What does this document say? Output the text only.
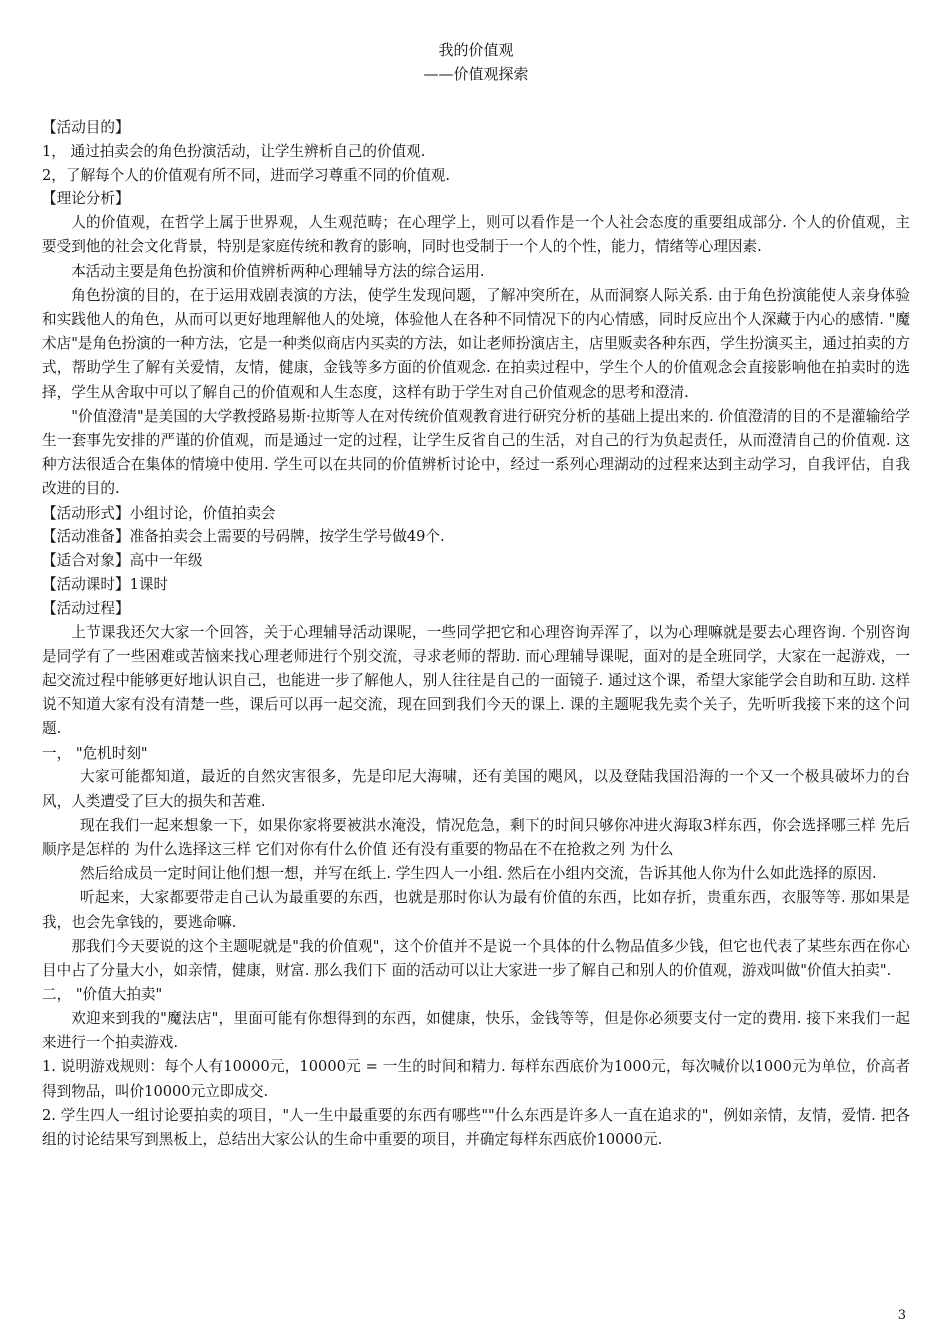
我的价值观
——价值观探索
【活动目的】
1， 通过拍卖会的角色扮演活动，让学生辨析自己的价值观.
2，了解每个人的价值观有所不同，进而学习尊重不同的价值观.
【理论分析】
人的价值观，在哲学上属于世界观，人生观范畴；在心理学上，则可以看作是一个人社会态度的重要组成部分. 个人的价值观，主要受到他的社会文化背景，特别是家庭传统和教育的影响，同时也受制于一个人的个性，能力，情绪等心理因素.
本活动主要是角色扮演和价值辨析两种心理辅导方法的综合运用.
角色扮演的目的，在于运用戏剧表演的方法，使学生发现问题，了解冲突所在，从而洞察人际关系. 由于角色扮演能使人亲身体验和实践他人的角色，从而可以更好地理解他人的处境，体验他人在各种不同情况下的内心情感，同时反应出个人深藏于内心的感情. "魔术店"是角色扮演的一种方法，它是一种类似商店内买卖的方法，如让老师扮演店主，店里贩卖各种东西，学生扮演买主，通过拍卖的方式，帮助学生了解有关爱情，友情，健康，金钱等多方面的价值观念. 在拍卖过程中，学生个人的价值观念会直接影响他在拍卖时的选择，学生从舍取中可以了解自己的价值观和人生态度，这样有助于学生对自己价值观念的思考和澄清.
"价值澄清"是美国的大学教授路易斯·拉斯等人在对传统价值观教育进行研究分析的基础上提出来的. 价值澄清的目的不是灌输给学生一套事先安排的严谨的价值观，而是通过一定的过程，让学生反省自己的生活，对自己的行为负起责任，从而澄清自己的价值观. 这种方法很适合在集体的情境中使用. 学生可以在共同的价值辨析讨论中，经过一系列心理湖动的过程来达到主动学习，自我评估，自我改进的目的.
【活动形式】小组讨论，价值拍卖会
【活动准备】准备拍卖会上需要的号码牌，按学生学号做49个.
【适合对象】高中一年级
【活动课时】1课时
【活动过程】
上节课我还欠大家一个回答，关于心理辅导活动课呢，一些同学把它和心理咨询弄浑了，以为心理嘛就是要去心理咨询. 个别咨询是同学有了一些困难或苦恼来找心理老师进行个别交流，寻求老师的帮助. 而心理辅导课呢，面对的是全班同学，大家在一起游戏，一起交流过程中能够更好地认识自己，也能进一步了解他人，别人往往是自己的一面镜子. 通过这个课，希望大家能学会自助和互助. 这样说不知道大家有没有清楚一些，课后可以再一起交流，现在回到我们今天的课上. 课的主题呢我先卖个关子，先听听我接下来的这个问题.
一， "危机时刻"
大家可能都知道，最近的自然灾害很多，先是印尼大海啸，还有美国的飓风，以及登陆我国沿海的一个又一个极具破坏力的台风，人类遭受了巨大的损失和苦难.
现在我们一起来想象一下，如果你家将要被洪水淹没，情况危急，剩下的时间只够你冲进火海取3样东西，你会选择哪三样 先后顺序是怎样的 为什么选择这三样 它们对你有什么价值 还有没有重要的物品在不在抢救之列 为什么
然后给成员一定时间让他们想一想，并写在纸上. 学生四人一小组. 然后在小组内交流，告诉其他人你为什么如此选择的原因.
听起来，大家都要带走自己认为最重要的东西，也就是那时你认为最有价值的东西，比如存折，贵重东西，衣服等等. 那如果是我，也会先拿钱的，要逃命嘛.
那我们今天要说的这个主题呢就是"我的价值观"，这个价值并不是说一个具体的什么物品值多少钱，但它也代表了某些东西在你心目中占了分量大小，如亲情，健康，财富. 那么我们下 面的活动可以让大家进一步了解自己和别人的价值观，游戏叫做"价值大拍卖".
二， "价值大拍卖"
欢迎来到我的"魔法店"，里面可能有你想得到的东西，如健康，快乐，金钱等等，但是你必须要支付一定的费用. 接下来我们一起来进行一个拍卖游戏.
1. 说明游戏规则：每个人有10000元，10000元 = 一生的时间和精力. 每样东西底价为1000元，每次喊价以1000元为单位，价高者得到物品，叫价10000元立即成交.
2. 学生四人一组讨论要拍卖的项目，"人一生中最重要的东西有哪些""什么东西是许多人一直在追求的"，例如亲情，友情，爱情. 把各组的讨论结果写到黑板上，总结出大家公认的生命中重要的项目，并确定每样东西底价10000元.
3
